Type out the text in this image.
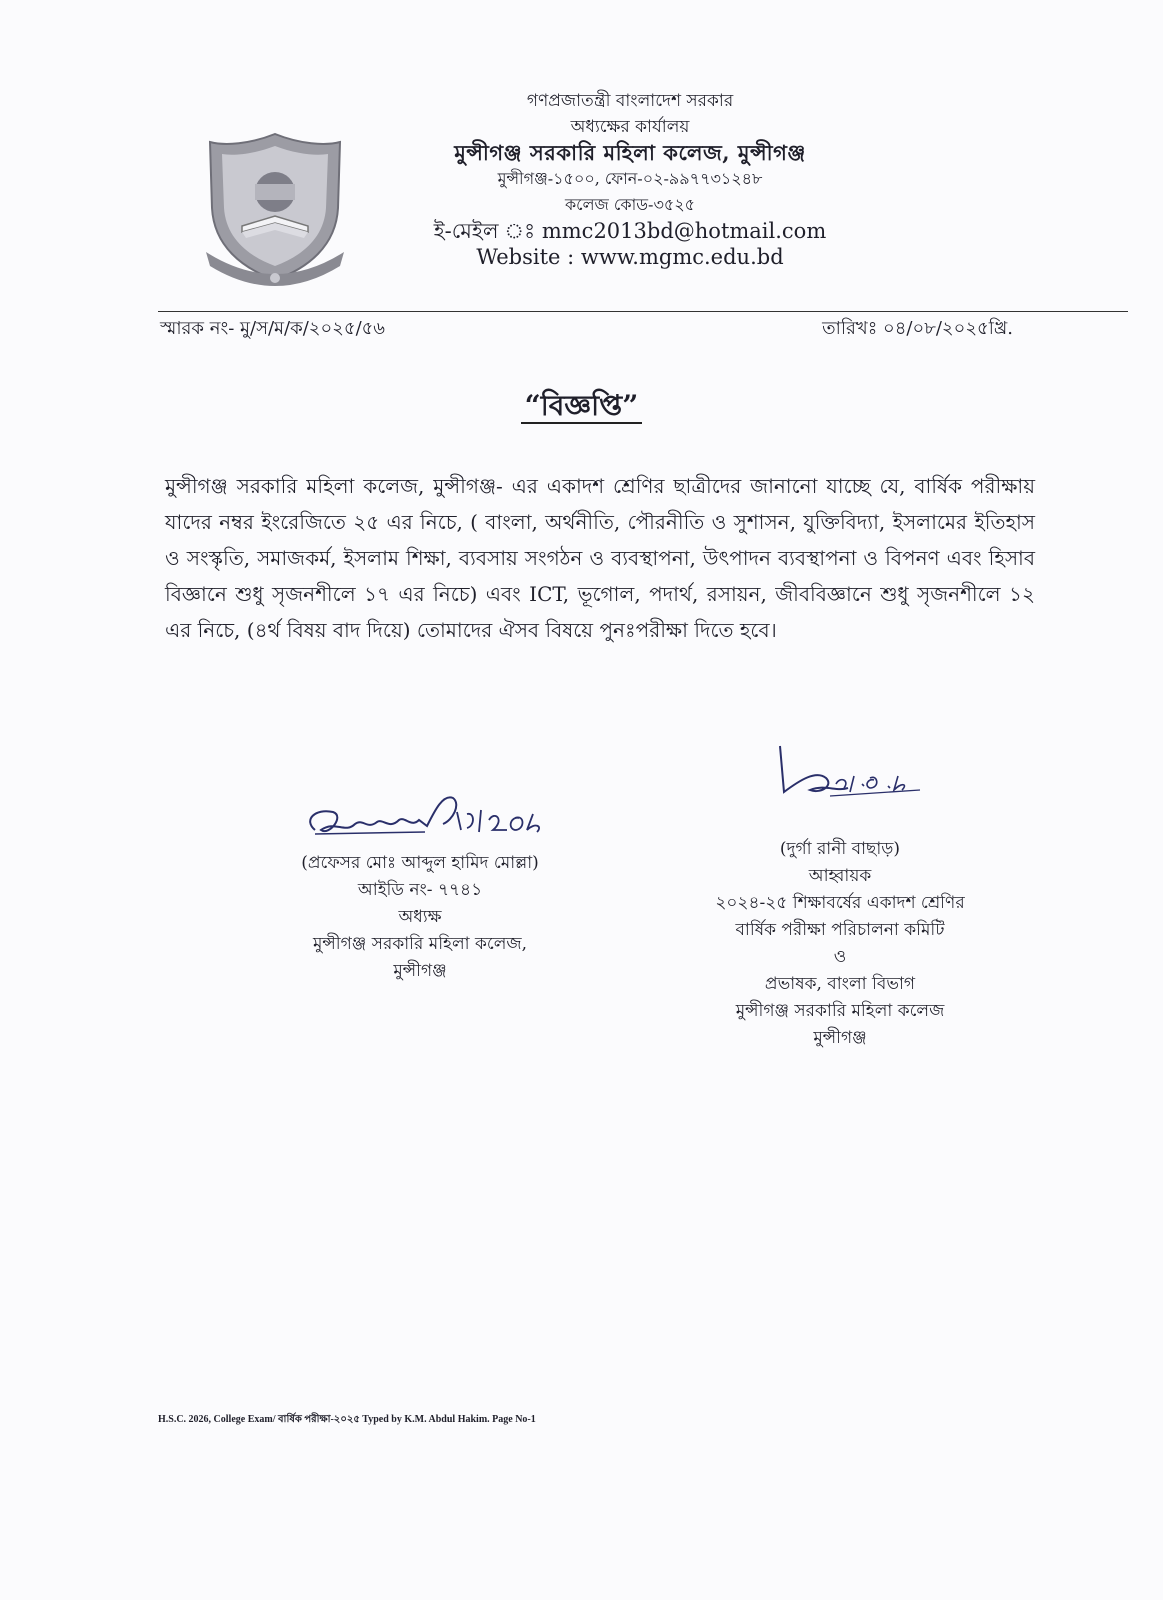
গণপ্রজাতন্ত্রী বাংলাদেশ সরকার
অধ্যক্ষের কার্যালয়
মুন্সীগঞ্জ সরকারি মহিলা কলেজ, মুন্সীগঞ্জ
মুন্সীগঞ্জ-১৫০০, ফোন-০২-৯৯৭৭৩১২৪৮
কলেজ কোড-৩৫২৫
ই-মেইল ঃ mmc2013bd@hotmail.com
Website : www.mgmc.edu.bd
স্মারক নং- মু/স/ম/ক/২০২৫/৫৬	তারিখঃ ০৪/০৮/২০২৫খ্রি.
“বিজ্ঞপ্তি”
মুন্সীগঞ্জ সরকারি মহিলা কলেজ, মুন্সীগঞ্জ- এর একাদশ শ্রেণির ছাত্রীদের জানানো যাচ্ছে যে, বার্ষিক পরীক্ষায় যাদের নম্বর ইংরেজিতে ২৫ এর নিচে, ( বাংলা, অর্থনীতি, পৌরনীতি ও সুশাসন, যুক্তিবিদ্যা, ইসলামের ইতিহাস ও সংস্কৃতি, সমাজকর্ম, ইসলাম শিক্ষা, ব্যবসায় সংগঠন ও ব্যবস্থাপনা, উৎপাদন ব্যবস্থাপনা ও বিপনণ এবং হিসাব বিজ্ঞানে শুধু সৃজনশীলে ১৭ এর নিচে) এবং ICT, ভূগোল, পদার্থ, রসায়ন, জীববিজ্ঞানে শুধু সৃজনশীলে ১২ এর নিচে, (৪র্থ বিষয় বাদ দিয়ে) তোমাদের ঐসব বিষয়ে পুনঃপরীক্ষা দিতে হবে।
(প্রফেসর মোঃ আব্দুল হামিদ মোল্লা)
আইডি নং- ৭৭৪১
অধ্যক্ষ
মুন্সীগঞ্জ সরকারি মহিলা কলেজ,
মুন্সীগঞ্জ
(দুর্গা রানী বাছাড়)
আহ্বায়ক
২০২৪-২৫ শিক্ষাবর্ষের একাদশ শ্রেণির
বার্ষিক পরীক্ষা পরিচালনা কমিটি
ও
প্রভাষক, বাংলা বিভাগ
মুন্সীগঞ্জ সরকারি মহিলা কলেজ
মুন্সীগঞ্জ
H.S.C. 2026, College Exam/ বার্ষিক পরীক্ষা-২০২৫ Typed by K.M. Abdul Hakim. Page No-1
